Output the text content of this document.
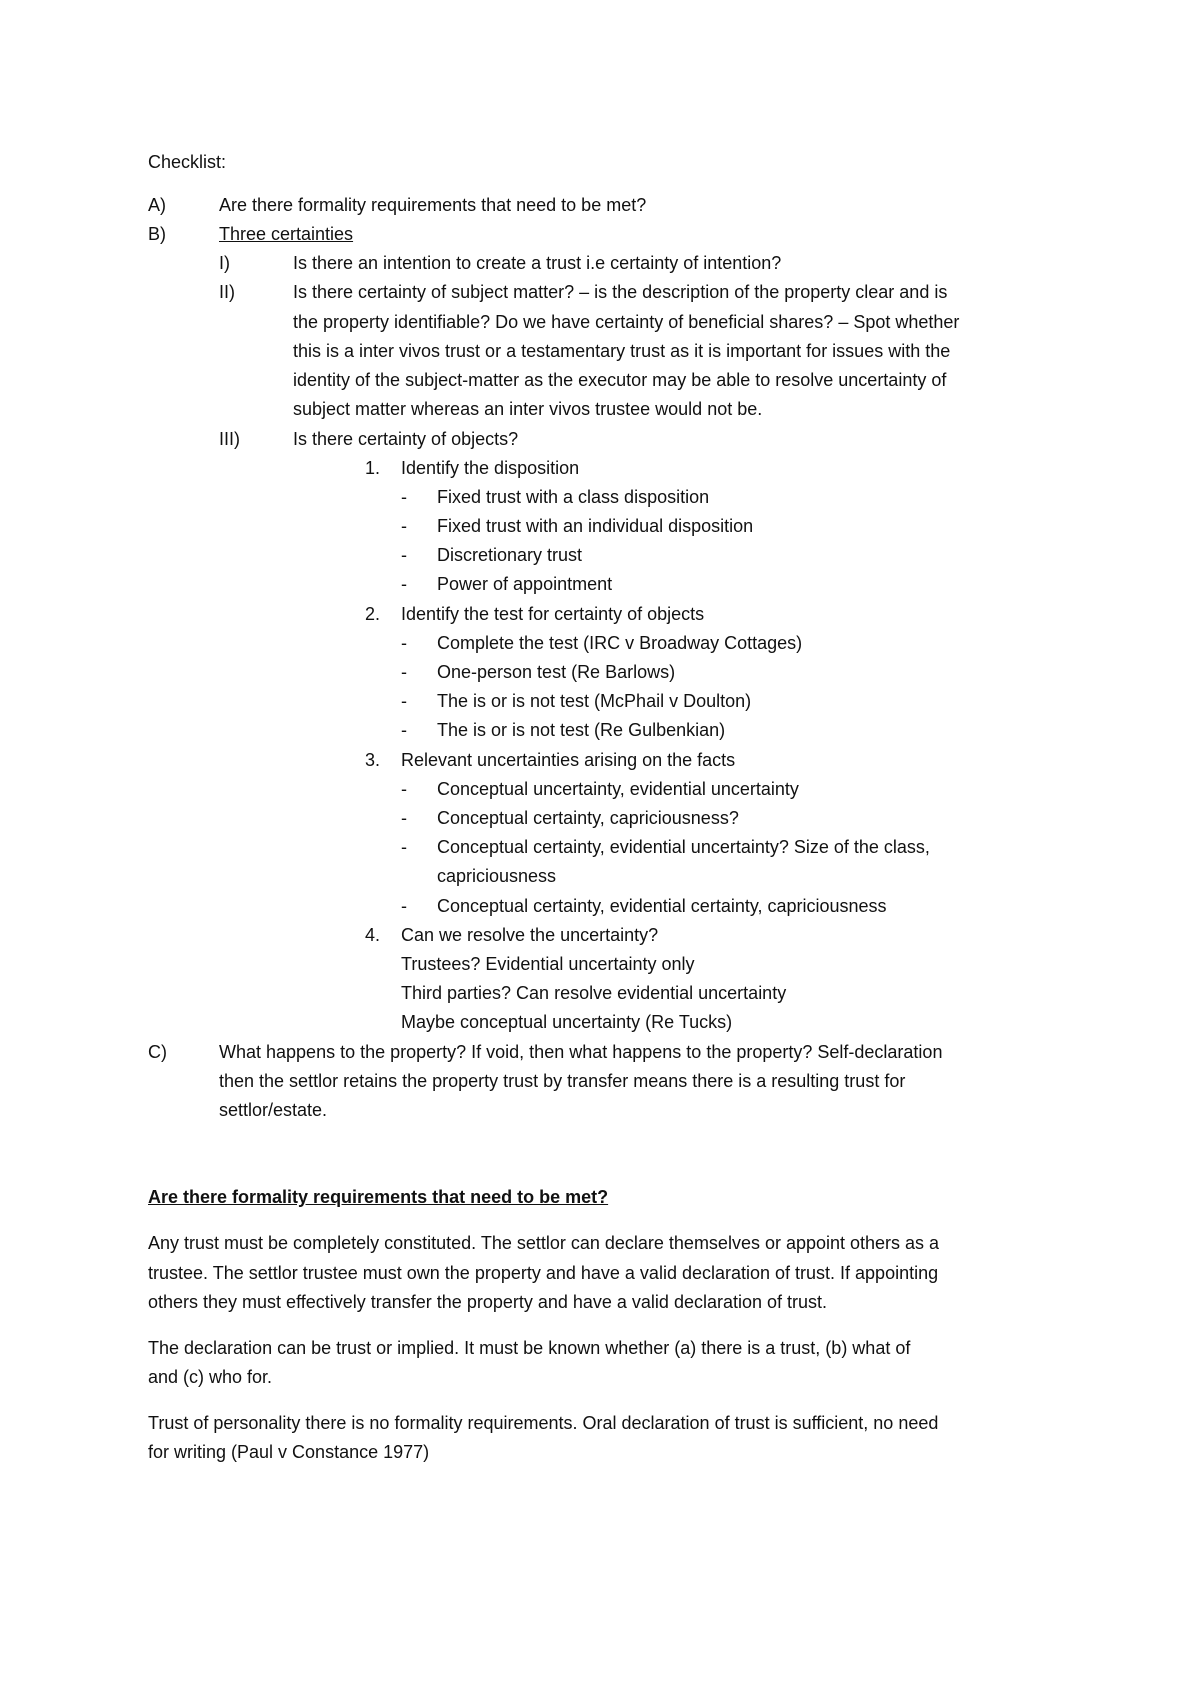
Checklist:
A)	Are there formality requirements that need to be met?
B)	Three certainties
I)	Is there an intention to create a trust i.e certainty of intention?
II)	Is there certainty of subject matter? – is the description of the property clear and is
the property identifiable? Do we have certainty of beneficial shares? – Spot whether
this is a inter vivos trust or a testamentary trust as it is important for issues with the
identity of the subject-matter as the executor may be able to resolve uncertainty of
subject matter whereas an inter vivos trustee would not be.
III)	Is there certainty of objects?
1. Identify the disposition
- Fixed trust with a class disposition
- Fixed trust with an individual disposition
- Discretionary trust
- Power of appointment
2. Identify the test for certainty of objects
- Complete the test (IRC v Broadway Cottages)
- One-person test (Re Barlows)
- The is or is not test (McPhail v Doulton)
- The is or is not test (Re Gulbenkian)
3. Relevant uncertainties arising on the facts
- Conceptual uncertainty, evidential uncertainty
- Conceptual certainty, capriciousness?
- Conceptual certainty, evidential uncertainty? Size of the class,
capriciousness
- Conceptual certainty, evidential certainty, capriciousness
4. Can we resolve the uncertainty?
Trustees? Evidential uncertainty only
Third parties? Can resolve evidential uncertainty
Maybe conceptual uncertainty (Re Tucks)
C)	What happens to the property? If void, then what happens to the property? Self-declaration
then the settlor retains the property trust by transfer means there is a resulting trust for
settlor/estate.
Are there formality requirements that need to be met?
Any trust must be completely constituted. The settlor can declare themselves or appoint others as a
trustee. The settlor trustee must own the property and have a valid declaration of trust. If appointing
others they must effectively transfer the property and have a valid declaration of trust.
The declaration can be trust or implied. It must be known whether (a) there is a trust, (b) what of
and (c) who for.
Trust of personality there is no formality requirements. Oral declaration of trust is sufficient, no need
for writing (Paul v Constance 1977)
